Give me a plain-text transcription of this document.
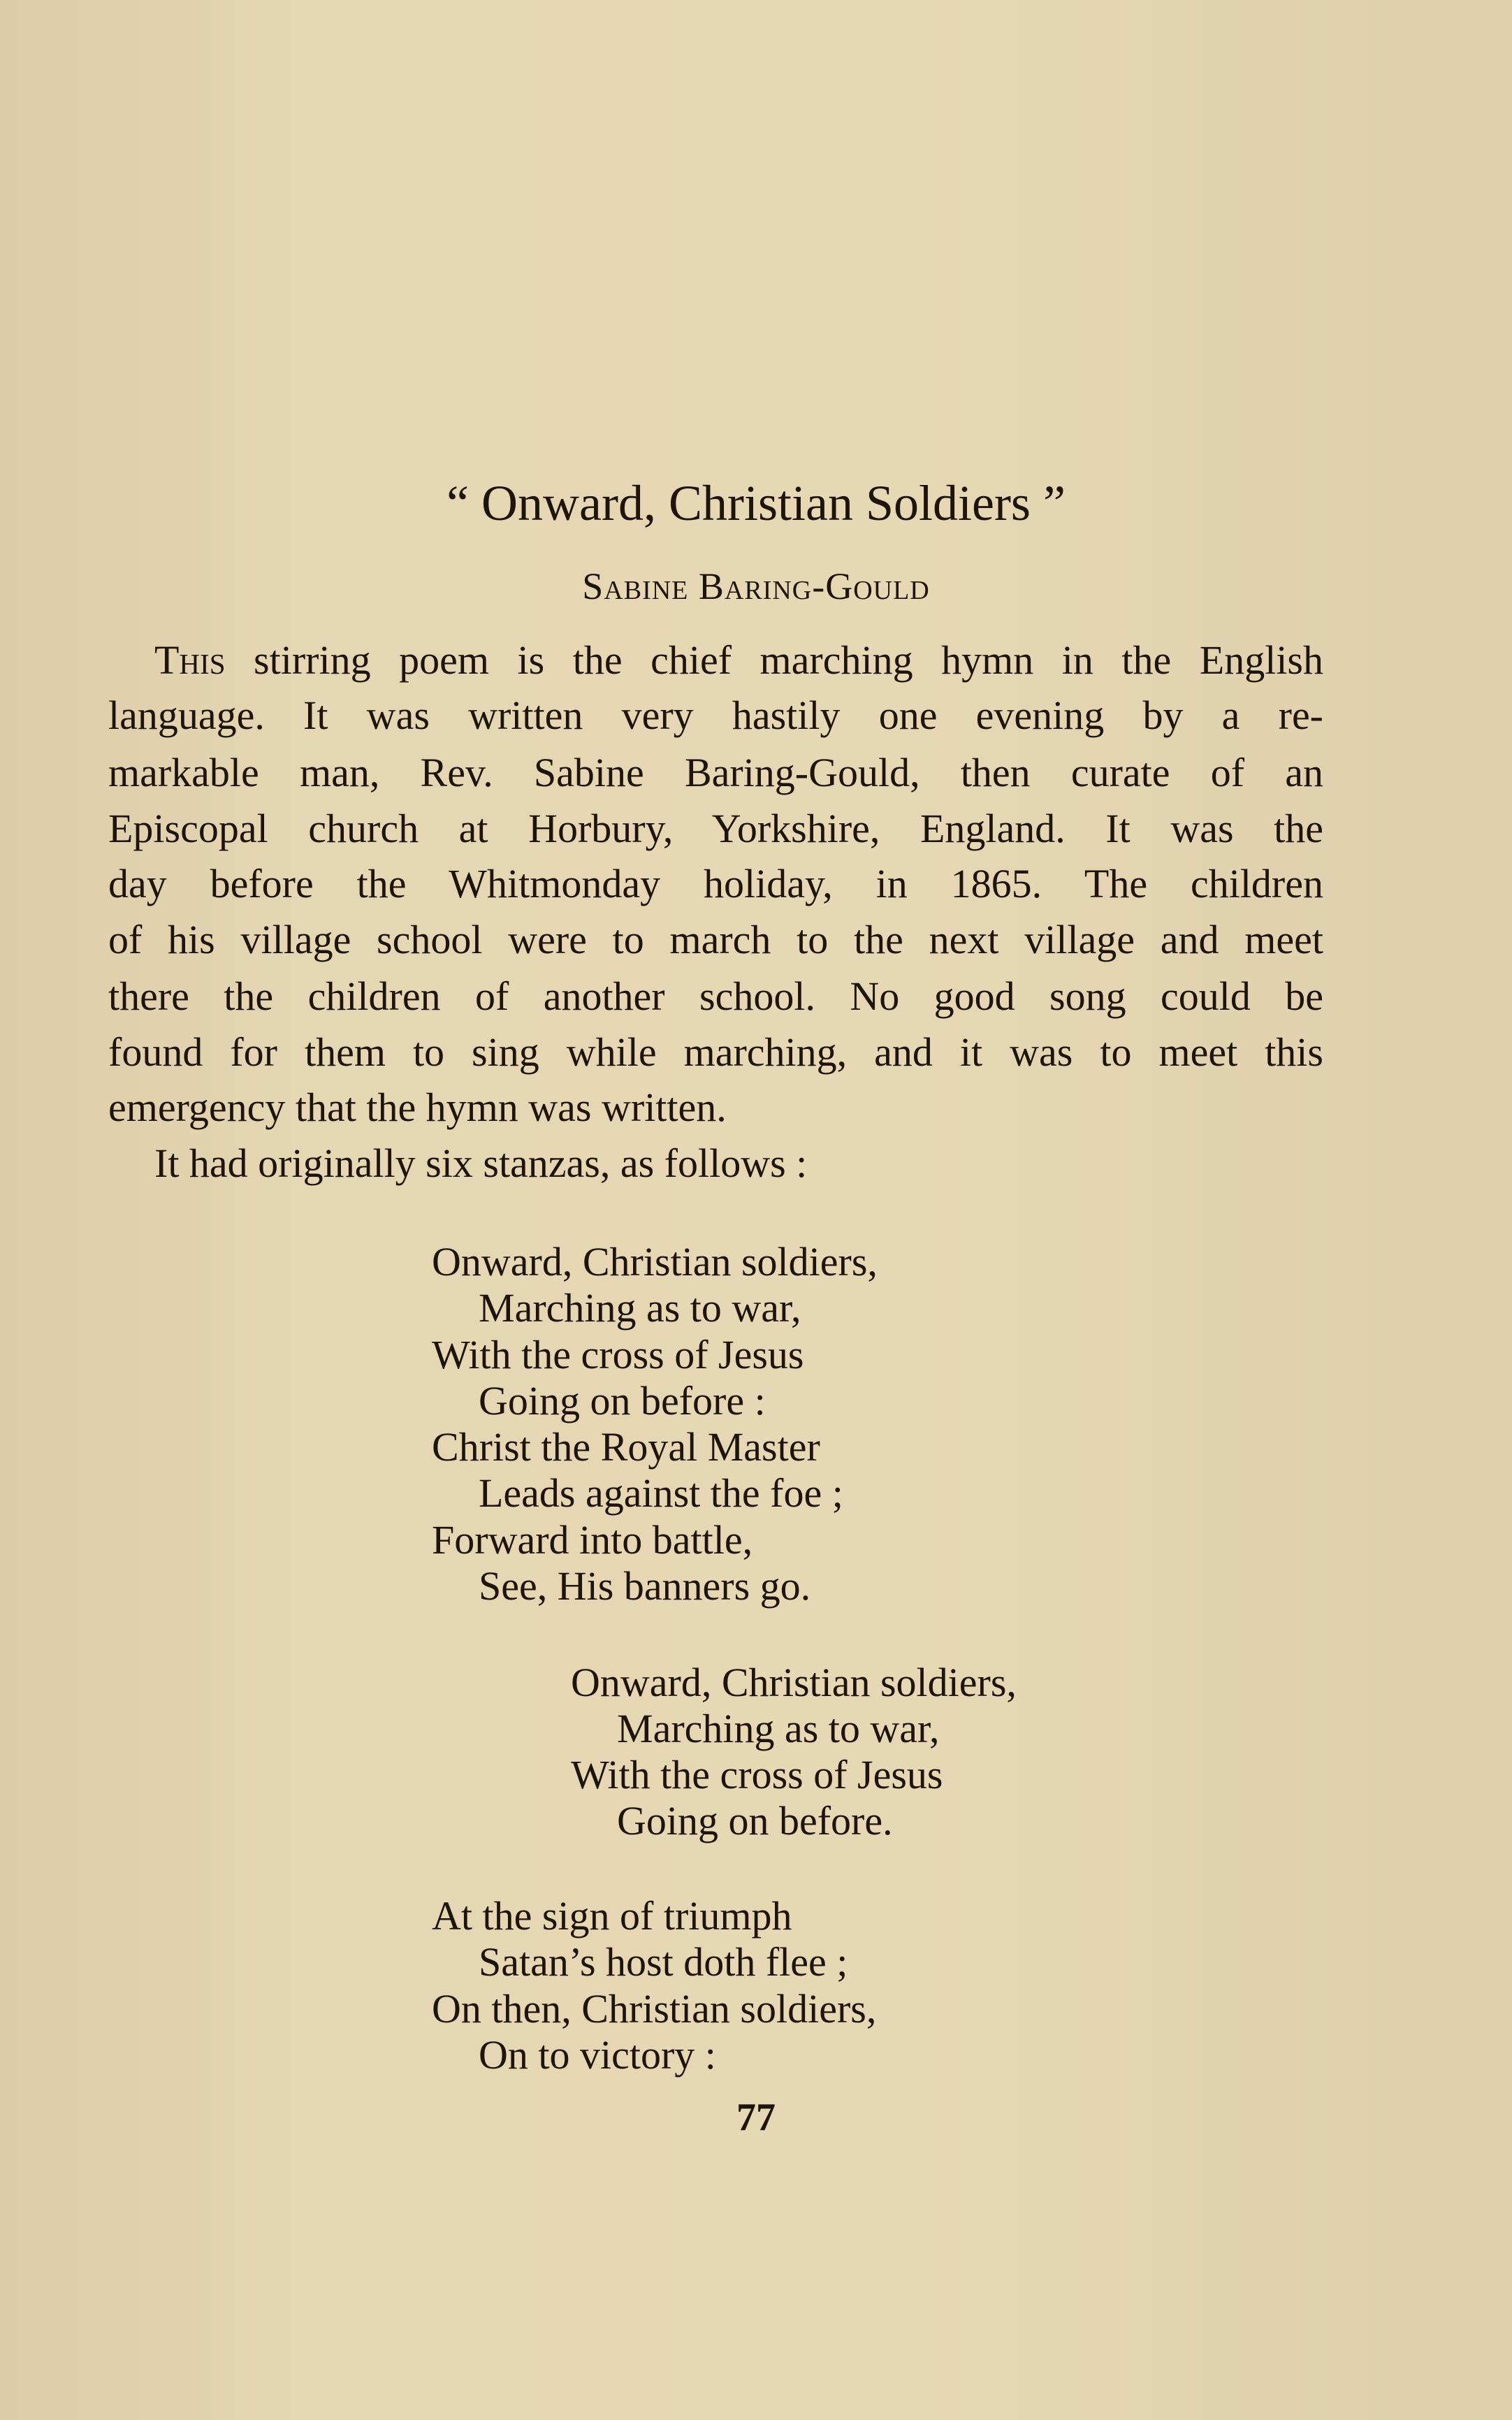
“ Onward, Christian Soldiers ”
Sabine Baring-Gould
This stirring poem is the chief marching hymn in the English
language. It was written very hastily one evening by a re-
markable man, Rev. Sabine Baring-Gould, then curate of an
Episcopal church at Horbury, Yorkshire, England. It was the
day before the Whitmonday holiday, in 1865. The children
of his village school were to march to the next village and meet
there the children of another school. No good song could be
found for them to sing while marching, and it was to meet this
emergency that the hymn was written.
It had originally six stanzas, as follows :
Onward, Christian soldiers,
Marching as to war,
With the cross of Jesus
Going on before :
Christ the Royal Master
Leads against the foe ;
Forward into battle,
See, His banners go.
Onward, Christian soldiers,
Marching as to war,
With the cross of Jesus
Going on before.
At the sign of triumph
Satan’s host doth flee ;
On then, Christian soldiers,
On to victory :
77
